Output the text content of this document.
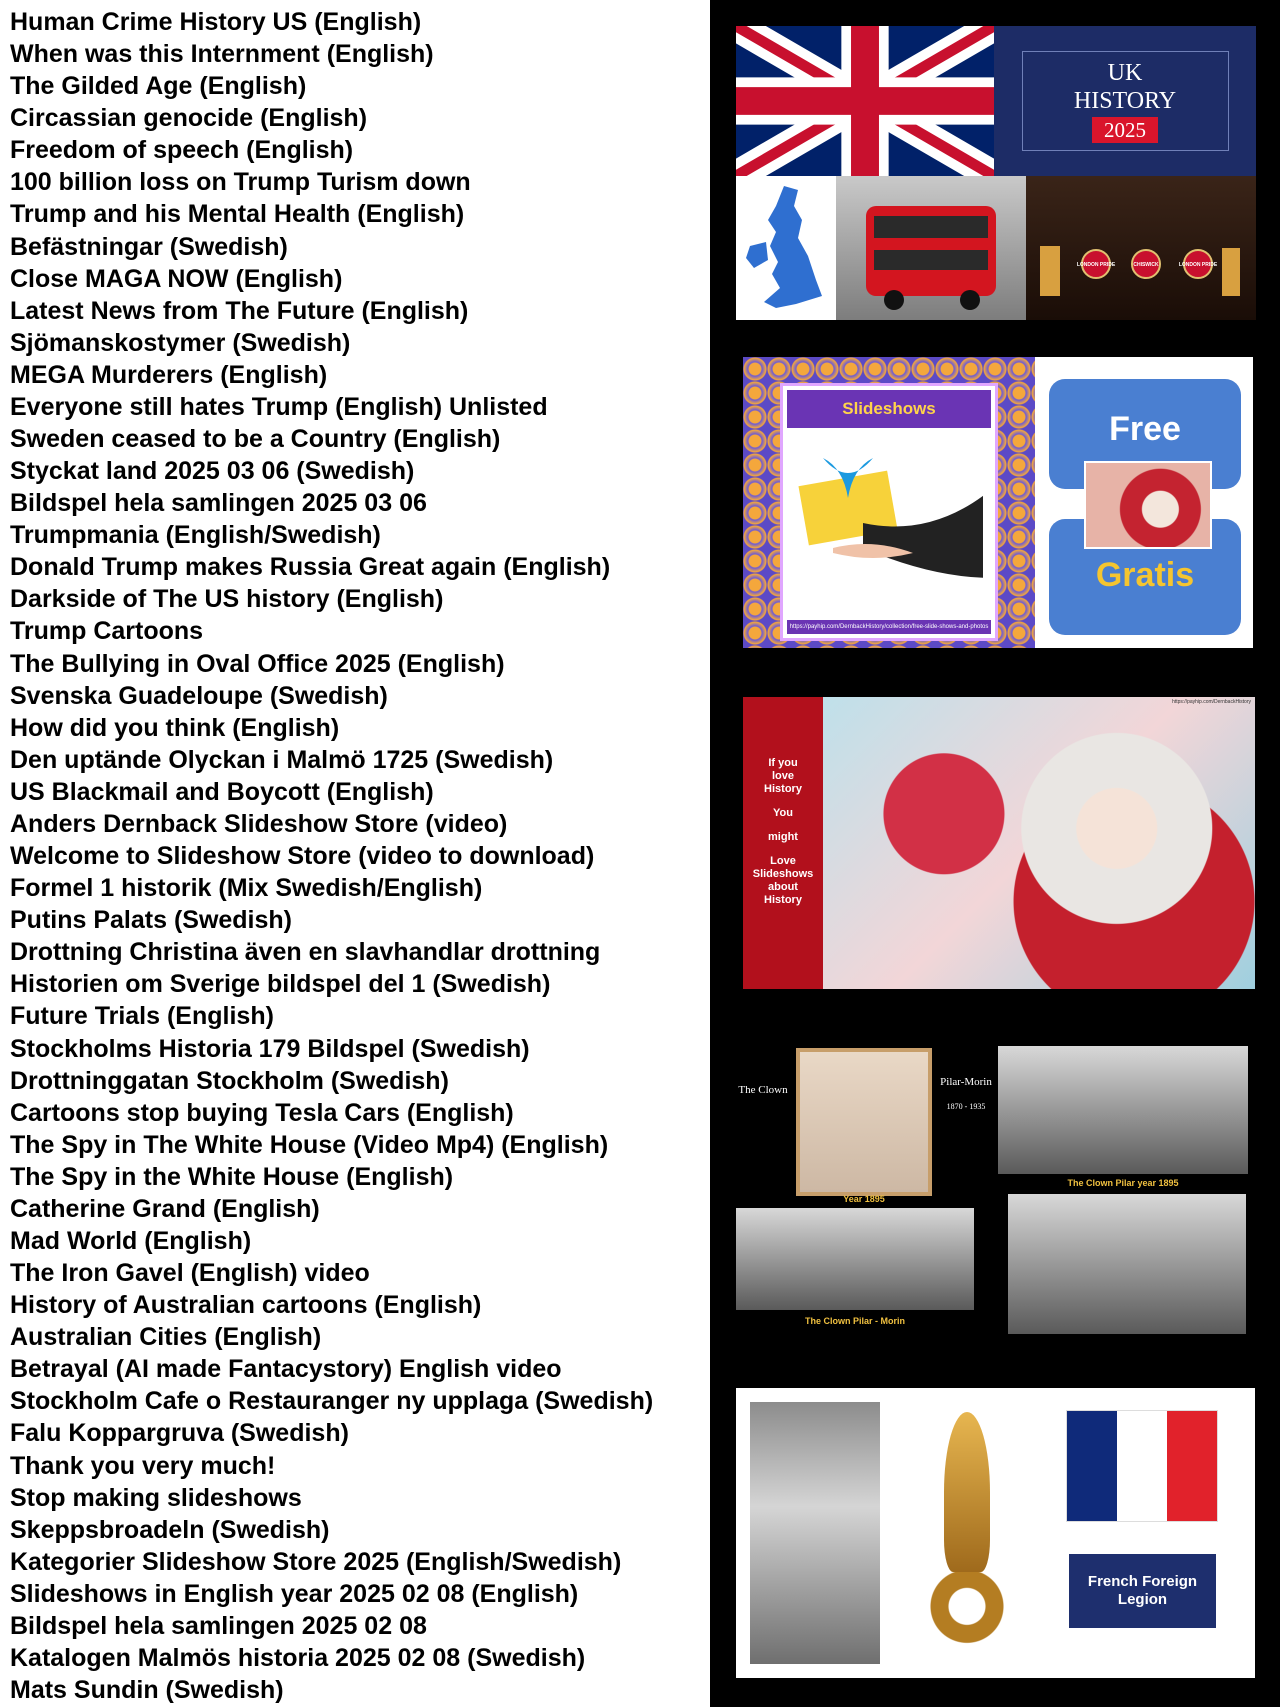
Human Crime History US (English)
When was this Internment (English)
The Gilded Age (English)
Circassian genocide (English)
Freedom of speech (English)
100 billion loss on Trump Turism down
Trump and his Mental Health (English)
Befästningar (Swedish)
Close MAGA NOW (English)
Latest News from The Future (English)
Sjömanskostymer (Swedish)
MEGA Murderers (English)
Everyone still hates Trump (English) Unlisted
Sweden ceased to be a Country (English)
Styckat land 2025 03 06 (Swedish)
Bildspel hela samlingen 2025 03 06
Trumpmania (English/Swedish)
Donald Trump makes Russia Great again (English)
Darkside of The US history (English)
Trump Cartoons
The Bullying in Oval Office 2025 (English)
Svenska Guadeloupe (Swedish)
How did you think (English)
Den uptände Olyckan i Malmö 1725 (Swedish)
US Blackmail and Boycott (English)
Anders Dernback Slideshow Store (video)
Welcome to Slideshow Store (video to download)
Formel 1 historik (Mix Swedish/English)
Putins Palats (Swedish)
Drottning Christina även en slavhandlar drottning
Historien om Sverige bildspel del 1 (Swedish)
Future Trials (English)
Stockholms Historia 179 Bildspel (Swedish)
Drottninggatan Stockholm (Swedish)
Cartoons stop buying Tesla Cars (English)
The Spy in The White House (Video Mp4) (English)
The Spy in the White House (English)
Catherine Grand (English)
Mad World (English)
The Iron Gavel (English) video
History of Australian cartoons (English)
Australian Cities (English)
Betrayal (AI made Fantacystory) English video
Stockholm Cafe o Restauranger ny upplaga (Swedish)
Falu Koppargruva (Swedish)
Thank you very much!
Stop making slideshows
Skeppsbroadeln (Swedish)
Kategorier Slideshow Store 2025 (English/Swedish)
Slideshows in English year 2025 02 08 (English)
Bildspel hela samlingen 2025 02 08
Katalogen Malmös historia 2025 02 08 (Swedish)
Mats Sundin (Swedish)
UK
HISTORY
2025
LONDON PRIDE	CHISWICK	LONDON PRIDE
Slideshows
https://payhip.com/DernbackHistory/collection/free-slide-shows-and-photos
Free
Gratis
If you
love
History
You
might
Love
Slideshows
about
History
https://payhip.com/DernbackHistory
The Clown
Pilar-Morin
1870 - 1935
Year 1895
The Clown Pilar year 1895
The Clown Pilar - Morin
French Foreign Legion
